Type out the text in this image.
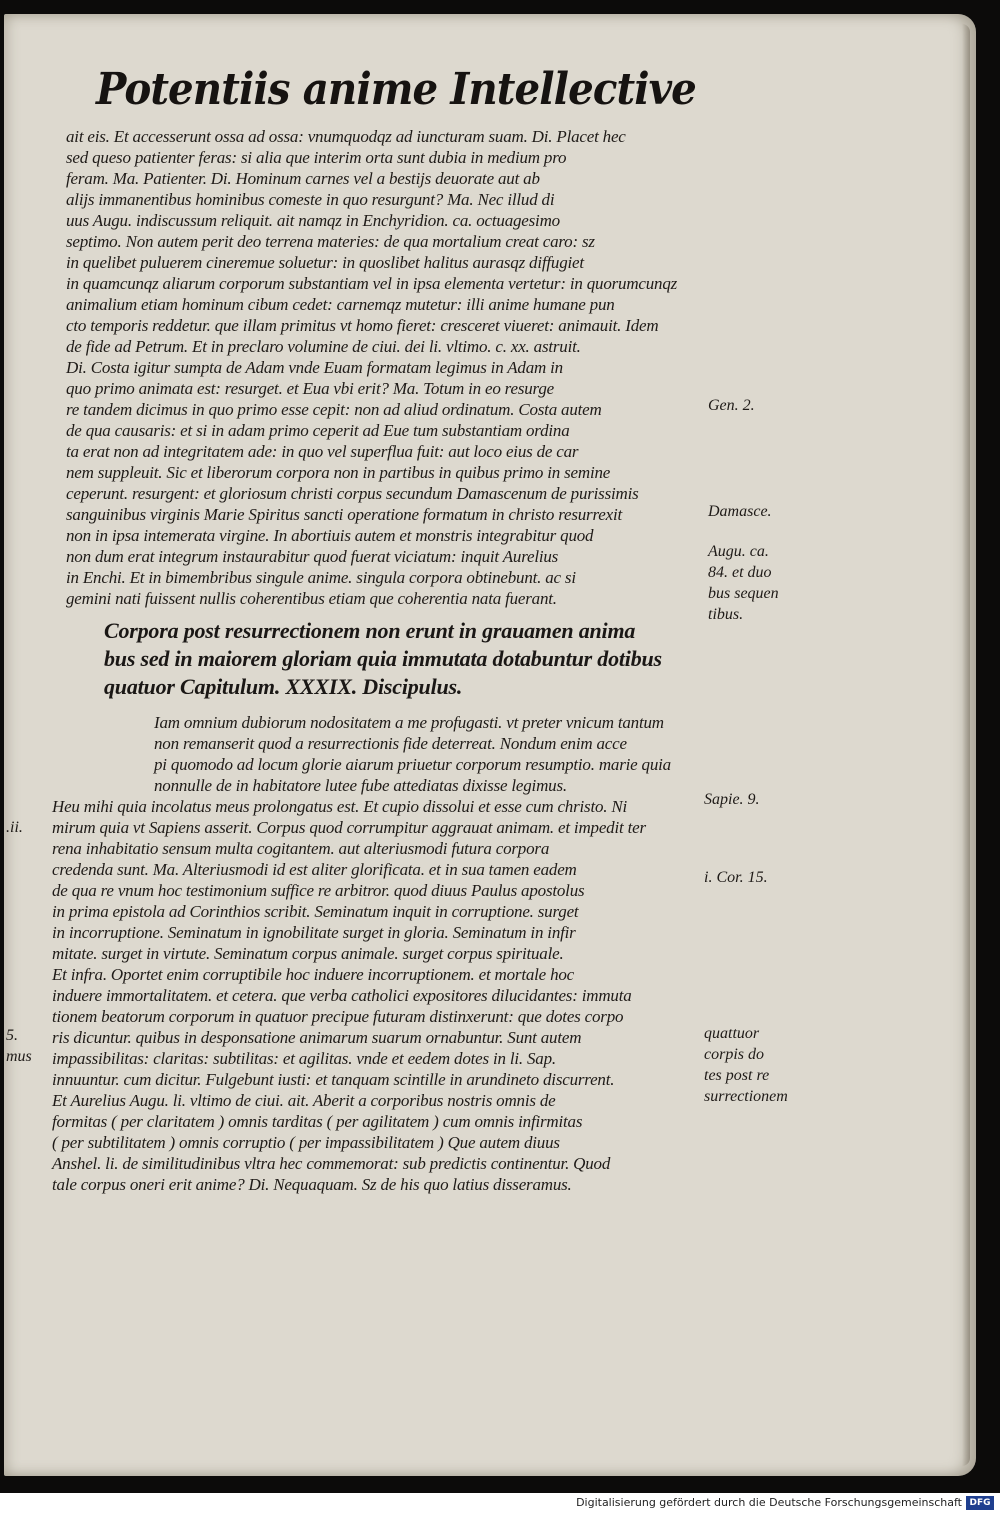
Potentiis anime Intellective
ait eis. Et accesserunt ossa ad ossa: vnumquodqz ad iuncturam suam. Di. Placet hec
sed queso patienter feras: si alia que interim orta sunt dubia in medium pro
feram. Ma. Patienter. Di. Hominum carnes vel a bestijs deuorate aut ab
alijs immanentibus hominibus comeste in quo resurgunt? Ma. Nec illud di
uus Augu. indiscussum reliquit. ait namqz in Enchyridion. ca. octuagesimo
septimo. Non autem perit deo terrena materies: de qua mortalium creat caro: sz
in quelibet puluerem cineremue soluetur: in quoslibet halitus aurasqz diffugiet
in quamcunqz aliarum corporum substantiam vel in ipsa elementa vertetur: in quorumcunqz
animalium etiam hominum cibum cedet: carnemqz mutetur: illi anime humane pun
cto temporis reddetur. que illam primitus vt homo fieret: cresceret viueret: animauit. Idem
de fide ad Petrum. Et in preclaro volumine de ciui. dei li. vltimo. c. xx. astruit.
Di. Costa igitur sumpta de Adam vnde Euam formatam legimus in Adam in
quo primo animata est: resurget. et Eua vbi erit? Ma. Totum in eo resurge
re tandem dicimus in quo primo esse cepit: non ad aliud ordinatum. Costa autem
de qua causaris: et si in adam primo ceperit ad Eue tum substantiam ordina
ta erat non ad integritatem ade: in quo vel superflua fuit: aut loco eius de car
nem suppleuit. Sic et liberorum corpora non in partibus in quibus primo in semine
ceperunt. resurgent: et gloriosum christi corpus secundum Damascenum de purissimis
sanguinibus virginis Marie Spiritus sancti operatione formatum in christo resurrexit
non in ipsa intemerata virgine. In abortiuis autem et monstris integrabitur quod
non dum erat integrum instaurabitur quod fuerat viciatum: inquit Aurelius
in Enchi. Et in bimembribus singule anime. singula corpora obtinebunt. ac si
gemini nati fuissent nullis coherentibus etiam que coherentia nata fuerant.
Gen. 2.
Damasce.
Augu. ca.
84. et duo
bus sequen
tibus.
Corpora post resurrectionem non erunt in grauamen anima
bus sed in maiorem gloriam quia immutata dotabuntur dotibus
quatuor Capitulum. XXXIX. Discipulus.
Iam omnium dubiorum nodositatem a me profugasti. vt preter vnicum tantum
non remanserit quod a resurrectionis fide deterreat. Nondum enim acce
pi quomodo ad locum glorie aiarum priuetur corporum resumptio. marie quia
nonnulle de in habitatore lutee fube attediatas dixisse legimus.
Heu mihi quia incolatus meus prolongatus est. Et cupio dissolui et esse cum christo. Ni
mirum quia vt Sapiens asserit. Corpus quod corrumpitur aggrauat animam. et impedit ter
rena inhabitatio sensum multa cogitantem. aut alteriusmodi futura corpora
credenda sunt. Ma. Alteriusmodi id est aliter glorificata. et in sua tamen eadem
de qua re vnum hoc testimonium suffice re arbitror. quod diuus Paulus apostolus
in prima epistola ad Corinthios scribit. Seminatum inquit in corruptione. surget
in incorruptione. Seminatum in ignobilitate surget in gloria. Seminatum in infir
mitate. surget in virtute. Seminatum corpus animale. surget corpus spirituale.
Et infra. Oportet enim corruptibile hoc induere incorruptionem. et mortale hoc
induere immortalitatem. et cetera. que verba catholici expositores dilucidantes: immuta
tionem beatorum corporum in quatuor precipue futuram distinxerunt: que dotes corpo
ris dicuntur. quibus in desponsatione animarum suarum ornabuntur. Sunt autem
impassibilitas: claritas: subtilitas: et agilitas. vnde et eedem dotes in li. Sap.
innuuntur. cum dicitur. Fulgebunt iusti: et tanquam scintille in arundineto discurrent.
Et Aurelius Augu. li. vltimo de ciui. ait. Aberit a corporibus nostris omnis de
formitas ( per claritatem ) omnis tarditas ( per agilitatem ) cum omnis infirmitas
( per subtilitatem ) omnis corruptio ( per impassibilitatem ) Que autem diuus
Anshel. li. de similitudinibus vltra hec commemorat: sub predictis continentur. Quod
tale corpus oneri erit anime? Di. Nequaquam. Sz de his quo latius disseramus.
Sapie. 9.
i. Cor. 15.
quattuor
corpis do
tes post re
surrectionem
.ii.
5.
mus
Digitalisierung gefördert durch die Deutsche Forschungsgemeinschaft DFG
